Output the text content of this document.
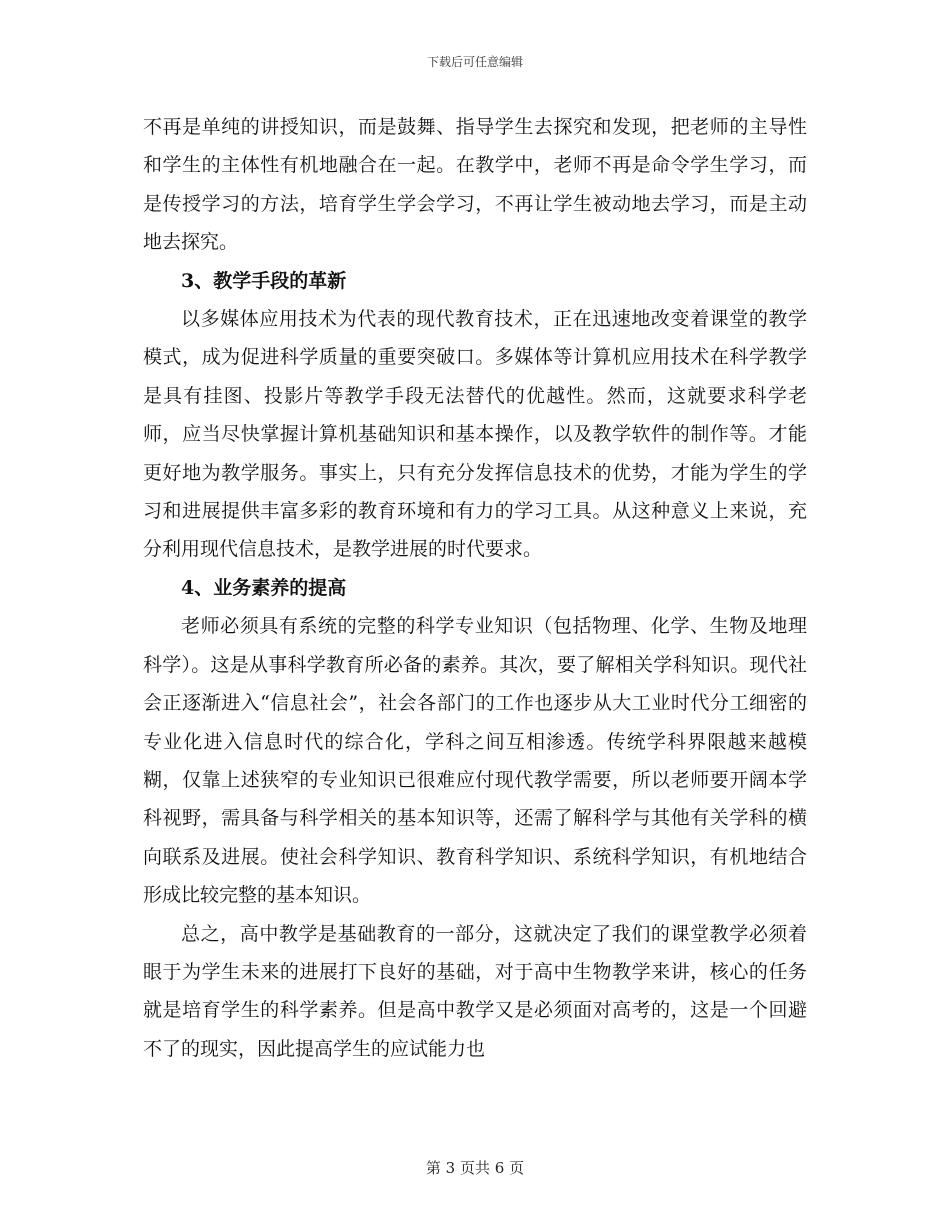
下载后可任意编辑

不再是单纯的讲授知识，而是鼓舞、指导学生去探究和发现，把老师的主导性和学生的主体性有机地融合在一起。在教学中，老师不再是命令学生学习，而是传授学习的方法，培育学生学会学习，不再让学生被动地去学习，而是主动地去探究。

3、教学手段的革新

以多媒体应用技术为代表的现代教育技术，正在迅速地改变着课堂的教学模式，成为促进科学质量的重要突破口。多媒体等计算机应用技术在科学教学是具有挂图、投影片等教学手段无法替代的优越性。然而，这就要求科学老师，应当尽快掌握计算机基础知识和基本操作，以及教学软件的制作等。才能更好地为教学服务。事实上，只有充分发挥信息技术的优势，才能为学生的学习和进展提供丰富多彩的教育环境和有力的学习工具。从这种意义上来说，充分利用现代信息技术，是教学进展的时代要求。

4、业务素养的提高

老师必须具有系统的完整的科学专业知识（包括物理、化学、生物及地理科学）。这是从事科学教育所必备的素养。其次，要了解相关学科知识。现代社会正逐渐进入“信息社会”，社会各部门的工作也逐步从大工业时代分工细密的专业化进入信息时代的综合化，学科之间互相渗透。传统学科界限越来越模糊，仅靠上述狭窄的专业知识已很难应付现代教学需要，所以老师要开阔本学科视野，需具备与科学相关的基本知识等，还需了解科学与其他有关学科的横向联系及进展。使社会科学知识、教育科学知识、系统科学知识，有机地结合形成比较完整的基本知识。

总之，高中教学是基础教育的一部分，这就决定了我们的课堂教学必须着眼于为学生未来的进展打下良好的基础，对于高中生物教学来讲，核心的任务就是培育学生的科学素养。但是高中教学又是必须面对高考的，这是一个回避不了的现实，因此提高学生的应试能力也

第 3 页共 6 页
